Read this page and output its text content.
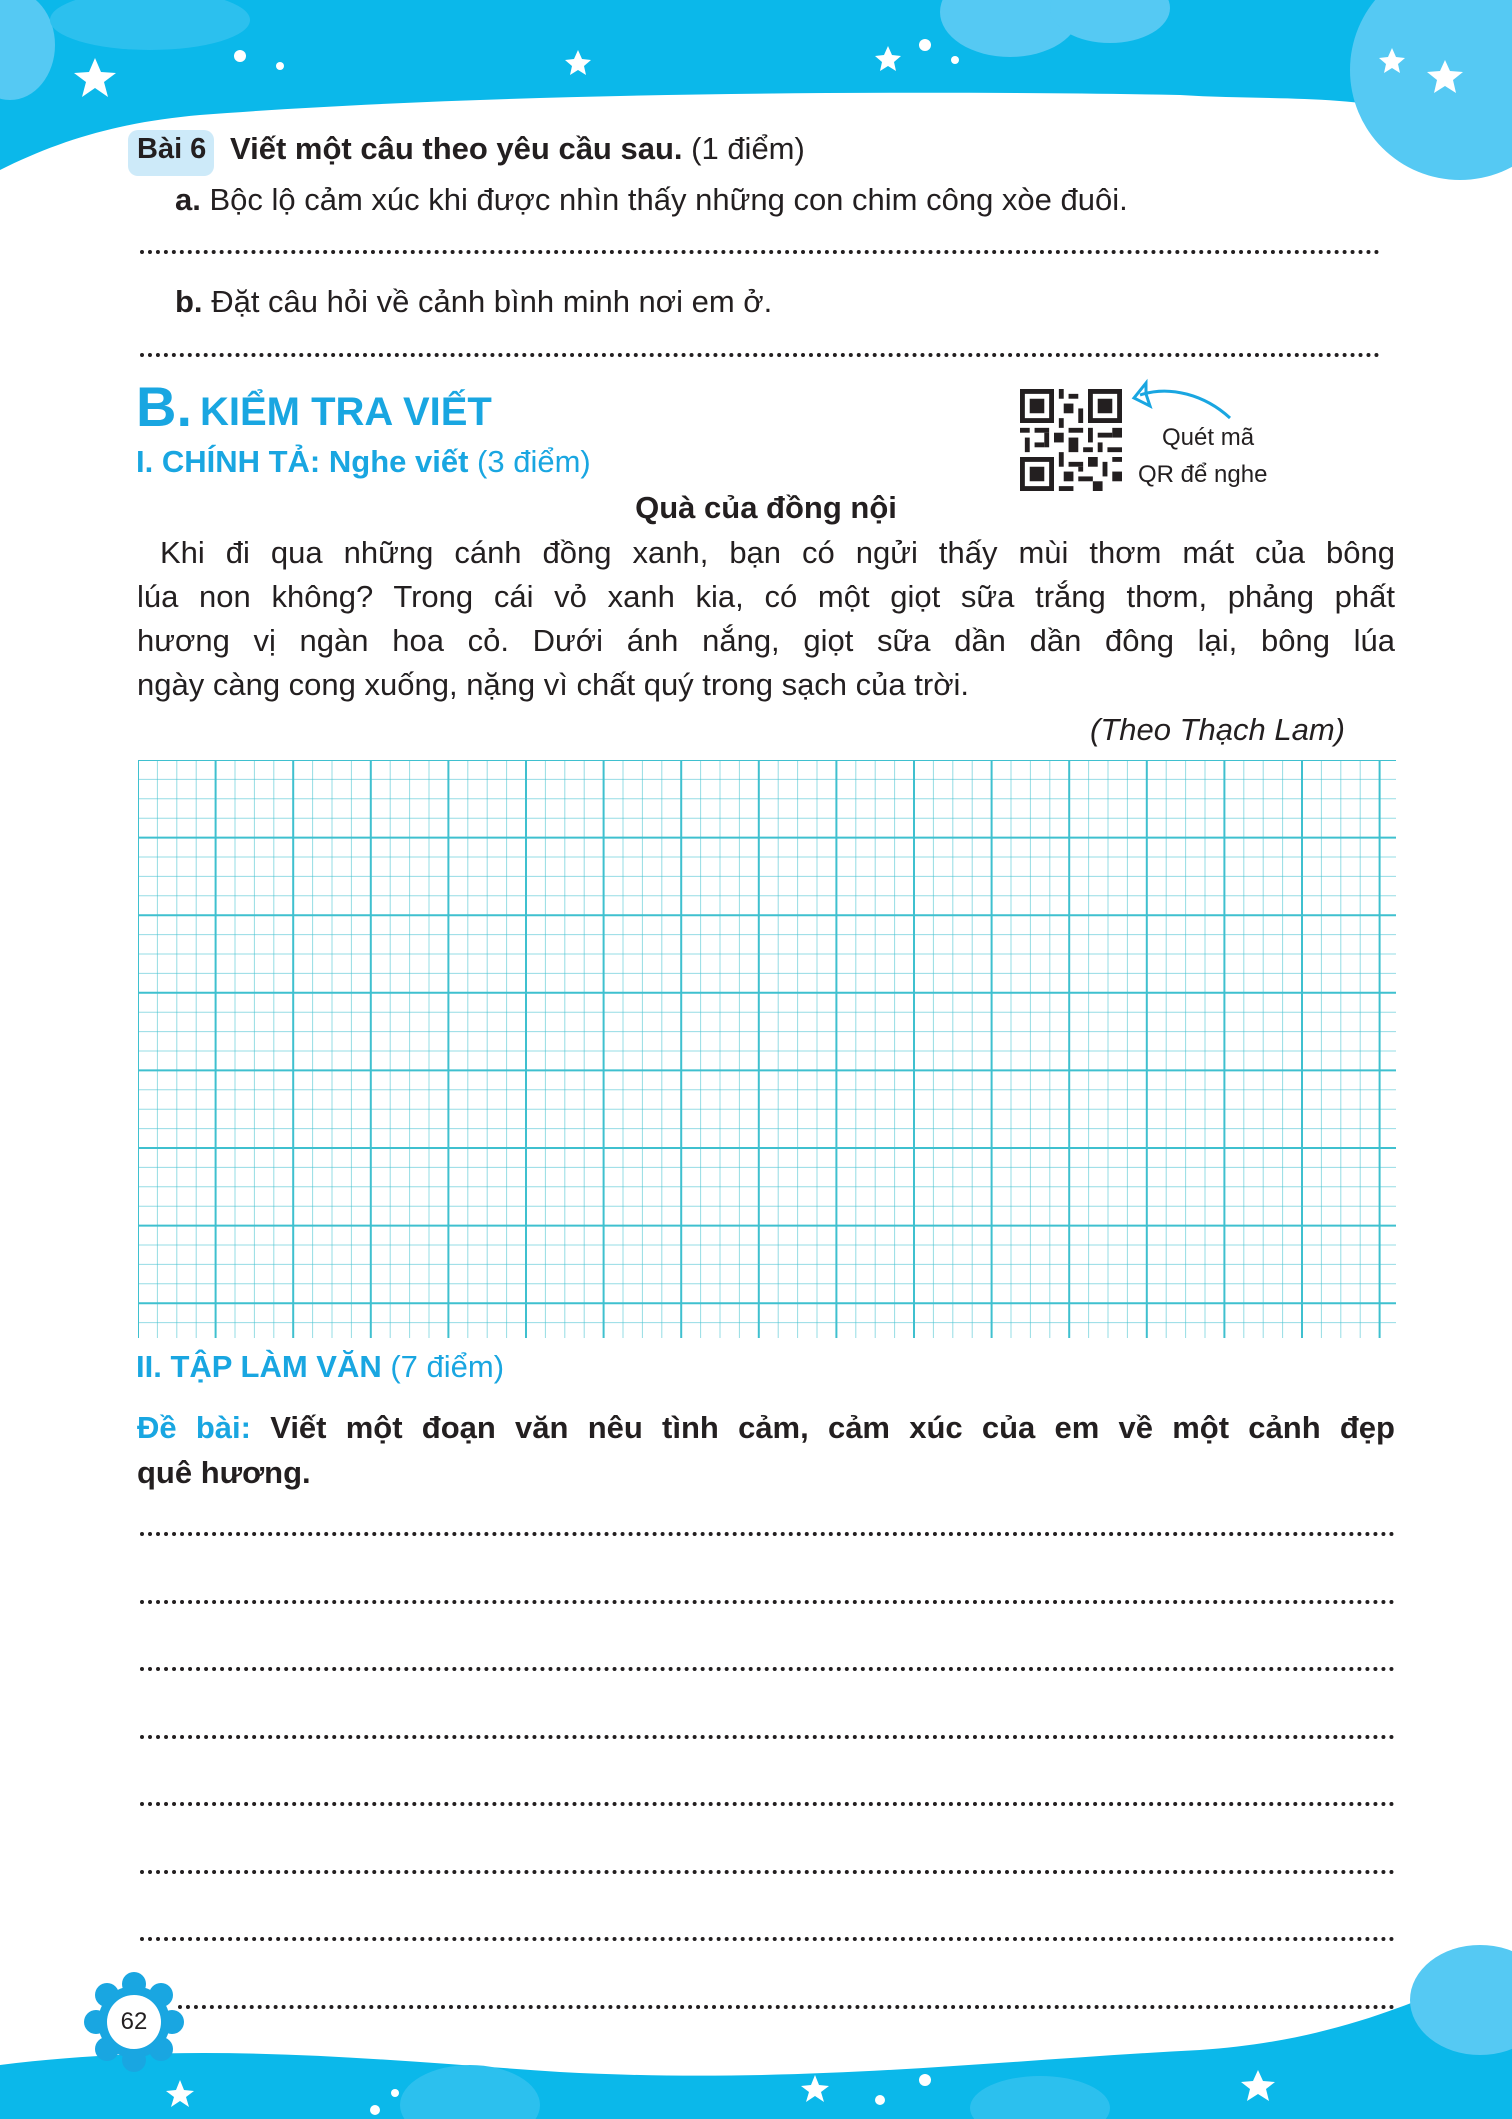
Bài 6 Viết một câu theo yêu cầu sau. (1 điểm)
a. Bộc lộ cảm xúc khi được nhìn thấy những con chim công xòe đuôi.
b. Đặt câu hỏi về cảnh bình minh nơi em ở.
B. KIỂM TRA VIẾT
Quét mã
QR để nghe
I. CHÍNH TẢ: Nghe viết (3 điểm)
Quà của đồng nội
Khi đi qua những cánh đồng xanh, bạn có ngửi thấy mùi thơm mát của bông
lúa non không? Trong cái vỏ xanh kia, có một giọt sữa trắng thơm, phảng phất
hương vị ngàn hoa cỏ. Dưới ánh nắng, giọt sữa dần dần đông lại, bông lúa
ngày càng cong xuống, nặng vì chất quý trong sạch của trời.
(Theo Thạch Lam)
II. TẬP LÀM VĂN (7 điểm)
Đề bài: Viết một đoạn văn nêu tình cảm, cảm xúc của em về một cảnh đẹp
quê hương.
62
